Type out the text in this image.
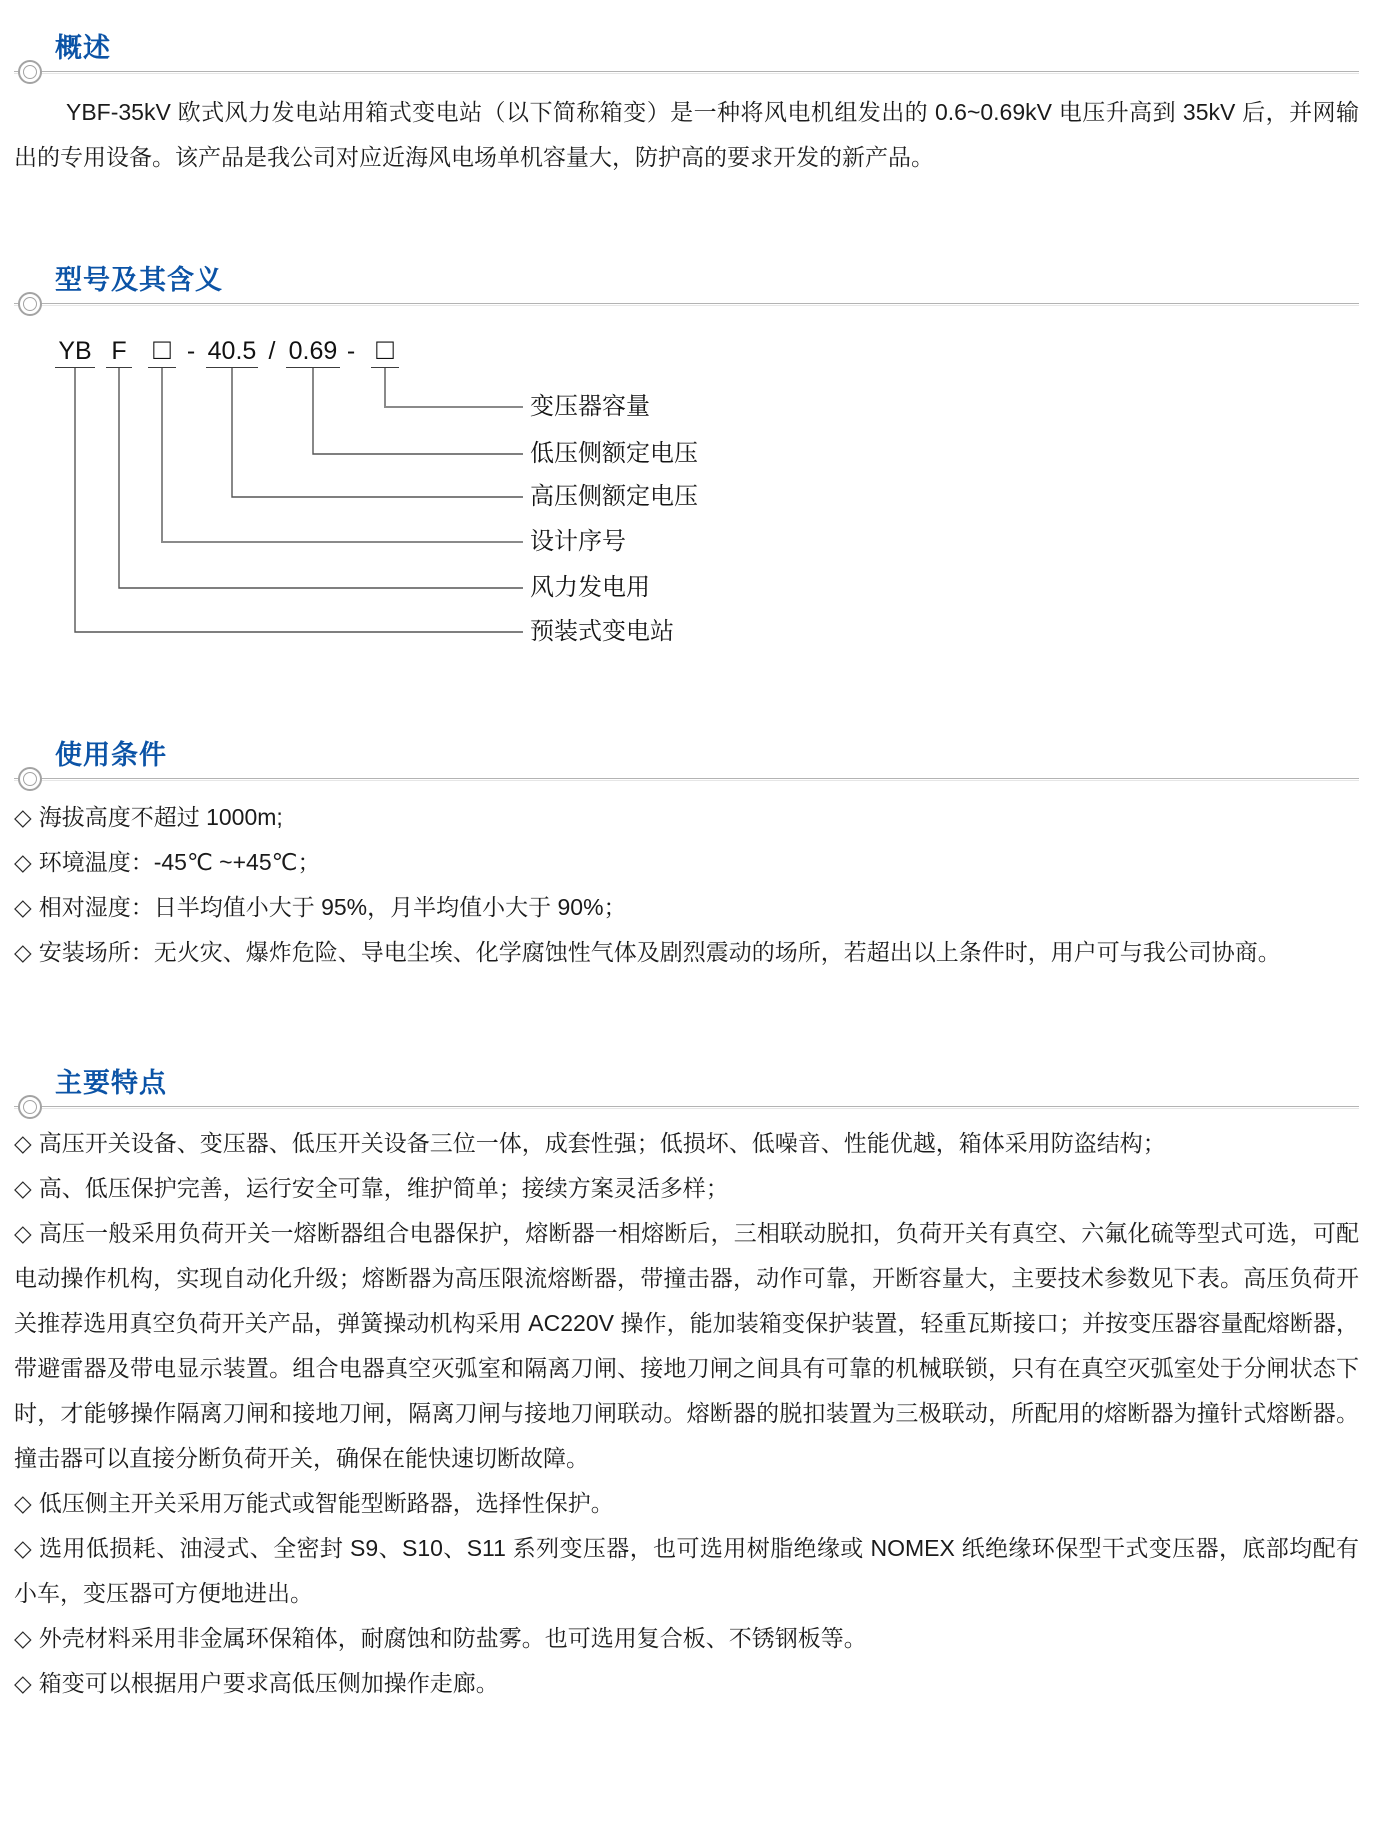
概述

YBF-35kV 欧式风力发电站用箱式变电站（以下简称箱变）是一种将风电机组发出的 0.6~0.69kV 电压升高到 35kV 后，并网输出的专用设备。该产品是我公司对应近海风电场单机容量大，防护高的要求开发的新产品。

型号及其含义
YB F □ - 40.5 / 0.69 - □
变压器容量
低压侧额定电压
高压侧额定电压
设计序号
风力发电用
预装式变电站
使用条件

◇ 海拔高度不超过 1000m;

◇ 环境温度：-45℃ ~+45℃；

◇ 相对湿度：日半均值小大于 95%，月半均值小大于 90%；

◇ 安装场所：无火灾、爆炸危险、导电尘埃、化学腐蚀性气体及剧烈震动的场所，若超出以上条件时，用户可与我公司协商。

主要特点

◇ 高压开关设备、变压器、低压开关设备三位一体，成套性强；低损坏、低噪音、性能优越，箱体采用防盗结构；

◇ 高、低压保护完善，运行安全可靠，维护简单；接续方案灵活多样；

◇ 高压一般采用负荷开关一熔断器组合电器保护，熔断器一相熔断后，三相联动脱扣，负荷开关有真空、六氟化硫等型式可选，可配电动操作机构，实现自动化升级；熔断器为高压限流熔断器，带撞击器，动作可靠，开断容量大，主要技术参数见下表。高压负荷开关推荐选用真空负荷开关产品，弹簧操动机构采用 AC220V 操作，能加装箱变保护装置，轻重瓦斯接口；并按变压器容量配熔断器，带避雷器及带电显示装置。组合电器真空灭弧室和隔离刀闸、接地刀闸之间具有可靠的机械联锁，只有在真空灭弧室处于分闸状态下时，才能够操作隔离刀闸和接地刀闸，隔离刀闸与接地刀闸联动。熔断器的脱扣装置为三极联动，所配用的熔断器为撞针式熔断器。撞击器可以直接分断负荷开关，确保在能快速切断故障。

◇ 低压侧主开关采用万能式或智能型断路器，选择性保护。

◇ 选用低损耗、油浸式、全密封 S9、S10、S11 系列变压器，也可选用树脂绝缘或 NOMEX 纸绝缘环保型干式变压器，底部均配有小车，变压器可方便地进出。

◇ 外壳材料采用非金属环保箱体，耐腐蚀和防盐雾。也可选用复合板、不锈钢板等。

◇ 箱变可以根据用户要求高低压侧加操作走廊。
